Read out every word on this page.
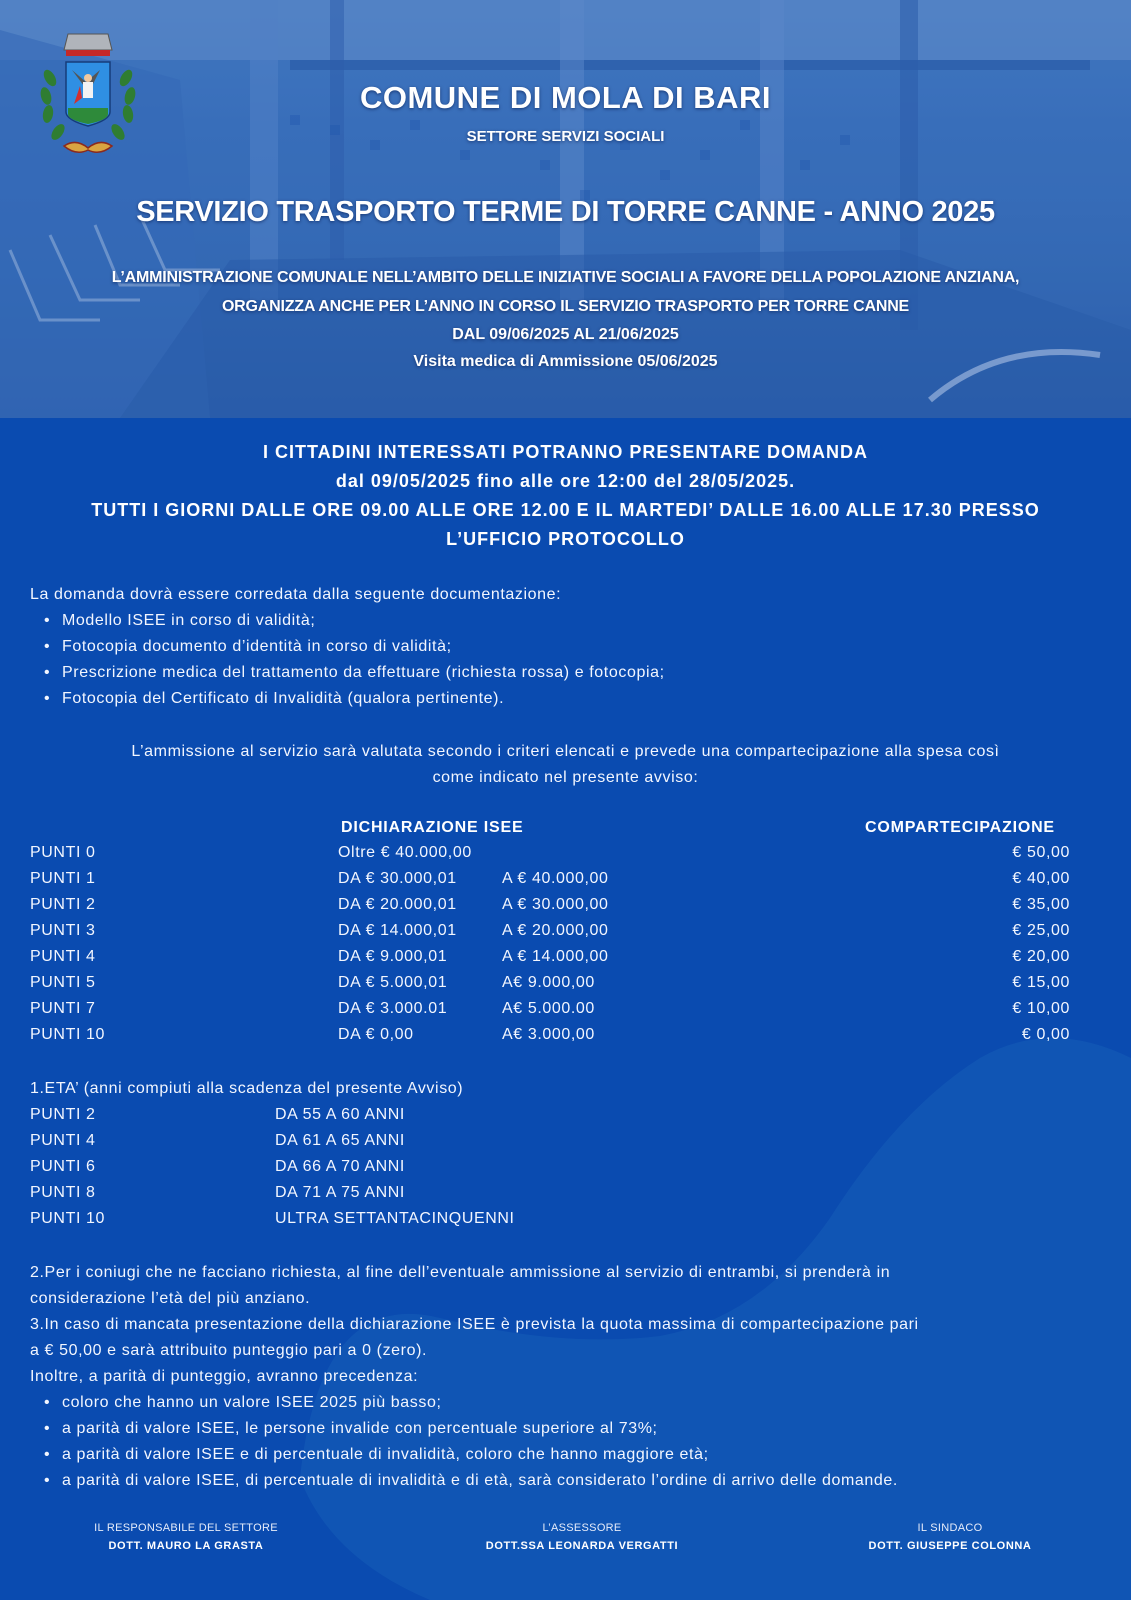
COMUNE DI MOLA DI BARI
SETTORE SERVIZI SOCIALI
SERVIZIO TRASPORTO TERME DI TORRE CANNE - ANNO 2025
L’AMMINISTRAZIONE COMUNALE NELL’AMBITO DELLE INIZIATIVE SOCIALI A FAVORE DELLA POPOLAZIONE ANZIANA,
ORGANIZZA ANCHE PER L’ANNO IN CORSO IL SERVIZIO TRASPORTO PER TORRE CANNE
DAL 09/06/2025 AL 21/06/2025
Visita medica di Ammissione 05/06/2025
I CITTADINI INTERESSATI POTRANNO PRESENTARE DOMANDA
dal 09/05/2025 fino alle ore 12:00 del 28/05/2025.
TUTTI I GIORNI DALLE ORE 09.00 ALLE ORE 12.00 E IL MARTEDI’ DALLE 16.00 ALLE 17.30 PRESSO
L’UFFICIO PROTOCOLLO
La domanda dovrà essere corredata dalla seguente documentazione:
• Modello ISEE in corso di validità;
• Fotocopia documento d’identità in corso di validità;
• Prescrizione medica del trattamento da effettuare (richiesta rossa) e fotocopia;
• Fotocopia del Certificato di Invalidità (qualora pertinente).
L’ammissione al servizio sarà valutata secondo i criteri elencati e prevede una compartecipazione alla spesa così
come indicato nel presente avviso:
DICHIARAZIONE ISEE	COMPARTECIPAZIONE
PUNTI 0	Oltre € 40.000,00	€ 50,00
PUNTI 1	DA € 30.000,01	A € 40.000,00	€ 40,00
PUNTI 2	DA € 20.000,01	A € 30.000,00	€ 35,00
PUNTI 3	DA € 14.000,01	A € 20.000,00	€ 25,00
PUNTI 4	DA € 9.000,01	A € 14.000,00	€ 20,00
PUNTI 5	DA € 5.000,01	A€ 9.000,00	€ 15,00
PUNTI 7	DA € 3.000.01	A€ 5.000.00	€ 10,00
PUNTI 10	DA € 0,00	A€ 3.000,00	€ 0,00
1.ETA’ (anni compiuti alla scadenza del presente Avviso)
PUNTI 2	DA 55 A 60 ANNI
PUNTI 4	DA 61 A 65 ANNI
PUNTI 6	DA 66 A 70 ANNI
PUNTI 8	DA 71 A 75 ANNI
PUNTI 10	ULTRA SETTANTACINQUENNI
2.Per i coniugi che ne facciano richiesta, al fine dell’eventuale ammissione al servizio di entrambi, si prenderà in
considerazione l’età del più anziano.
3.In caso di mancata presentazione della dichiarazione ISEE è prevista la quota massima di compartecipazione pari
a € 50,00 e sarà attribuito punteggio pari a 0 (zero).
Inoltre, a parità di punteggio, avranno precedenza:
• coloro che hanno un valore ISEE 2025 più basso;
• a parità di valore ISEE, le persone invalide con percentuale superiore al 73%;
• a parità di valore ISEE e di percentuale di invalidità, coloro che hanno maggiore età;
• a parità di valore ISEE, di percentuale di invalidità e di età, sarà considerato l’ordine di arrivo delle domande.
IL RESPONSABILE DEL SETTORE
DOTT. MAURO LA GRASTA
L’ASSESSORE
DOTT.SSA LEONARDA VERGATTI
IL SINDACO
DOTT. GIUSEPPE COLONNA
